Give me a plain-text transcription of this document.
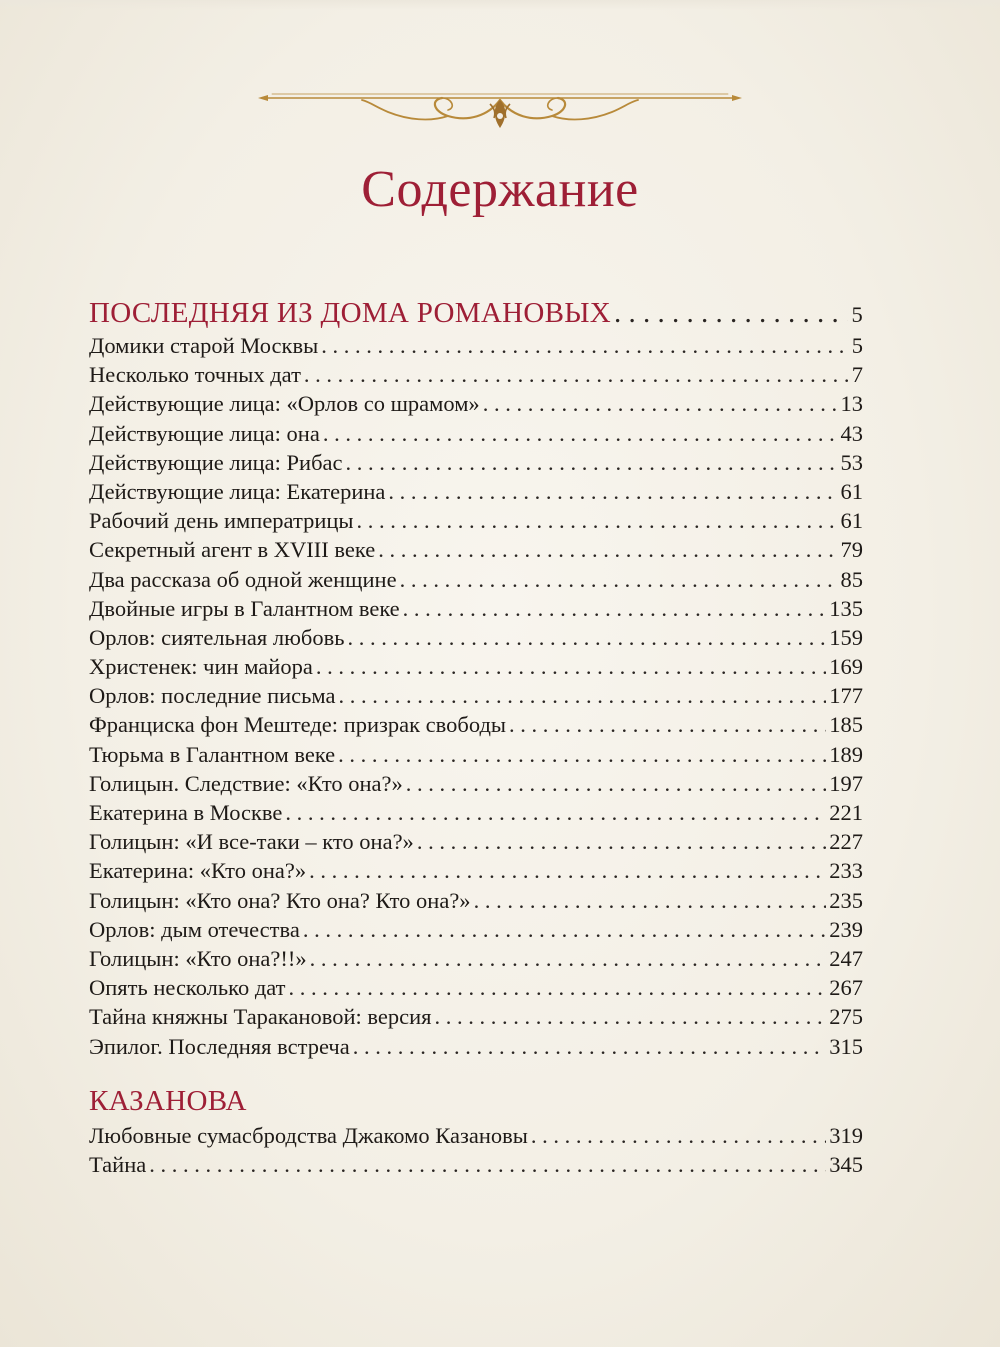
Содержание
ПОСЛЕДНЯЯ ИЗ ДОМА РОМАНОВЫХ . . .	5
Домики старой Москвы . . .	5
Несколько точных дат . . .	7
Действующие лица: «Орлов со шрамом» . . .	13
Действующие лица: она . . .	43
Действующие лица: Рибас . . .	53
Действующие лица: Екатерина . . .	61
Рабочий день императрицы . . .	61
Секретный агент в XVIII веке . . .	79
Два рассказа об одной женщине . . .	85
Двойные игры в Галантном веке . . .	135
Орлов: сиятельная любовь . . .	159
Христенек: чин майора . . .	169
Орлов: последние письма . . .	177
Франциска фон Мештеде: призрак свободы . . .	185
Тюрьма в Галантном веке . . .	189
Голицын. Следствие: «Кто она?» . . .	197
Екатерина в Москве . . .	221
Голицын: «И все-таки – кто она?» . . .	227
Екатерина: «Кто она?» . . .	233
Голицын: «Кто она? Кто она? Кто она?» . . .	235
Орлов: дым отечества . . .	239
Голицын: «Кто она?!!» . . .	247
Опять несколько дат . . .	267
Тайна княжны Таракановой: версия . . .	275
Эпилог. Последняя встреча . . .	315
КАЗАНОВА
Любовные сумасбродства Джакомо Казановы . . .	319
Тайна . . .	345
